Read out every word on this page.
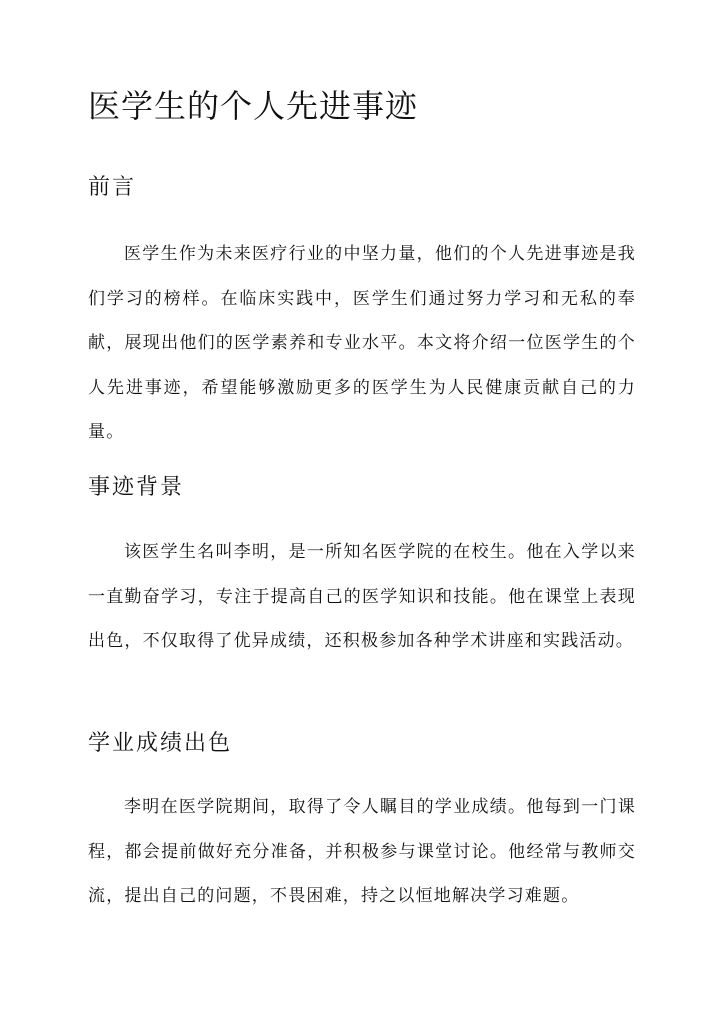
医学生的个人先进事迹
前言

医学生作为未来医疗行业的中坚力量，他们的个人先进事迹是我们学习的榜样。在临床实践中，医学生们通过努力学习和无私的奉献，展现出他们的医学素养和专业水平。本文将介绍一位医学生的个人先进事迹，希望能够激励更多的医学生为人民健康贡献自己的力量。

事迹背景

该医学生名叫李明，是一所知名医学院的在校生。他在入学以来一直勤奋学习，专注于提高自己的医学知识和技能。他在课堂上表现出色，不仅取得了优异成绩，还积极参加各种学术讲座和实践活动。

学业成绩出色

李明在医学院期间，取得了令人瞩目的学业成绩。他每到一门课程，都会提前做好充分准备，并积极参与课堂讨论。他经常与教师交流，提出自己的问题，不畏困难，持之以恒地解决学习难题。
